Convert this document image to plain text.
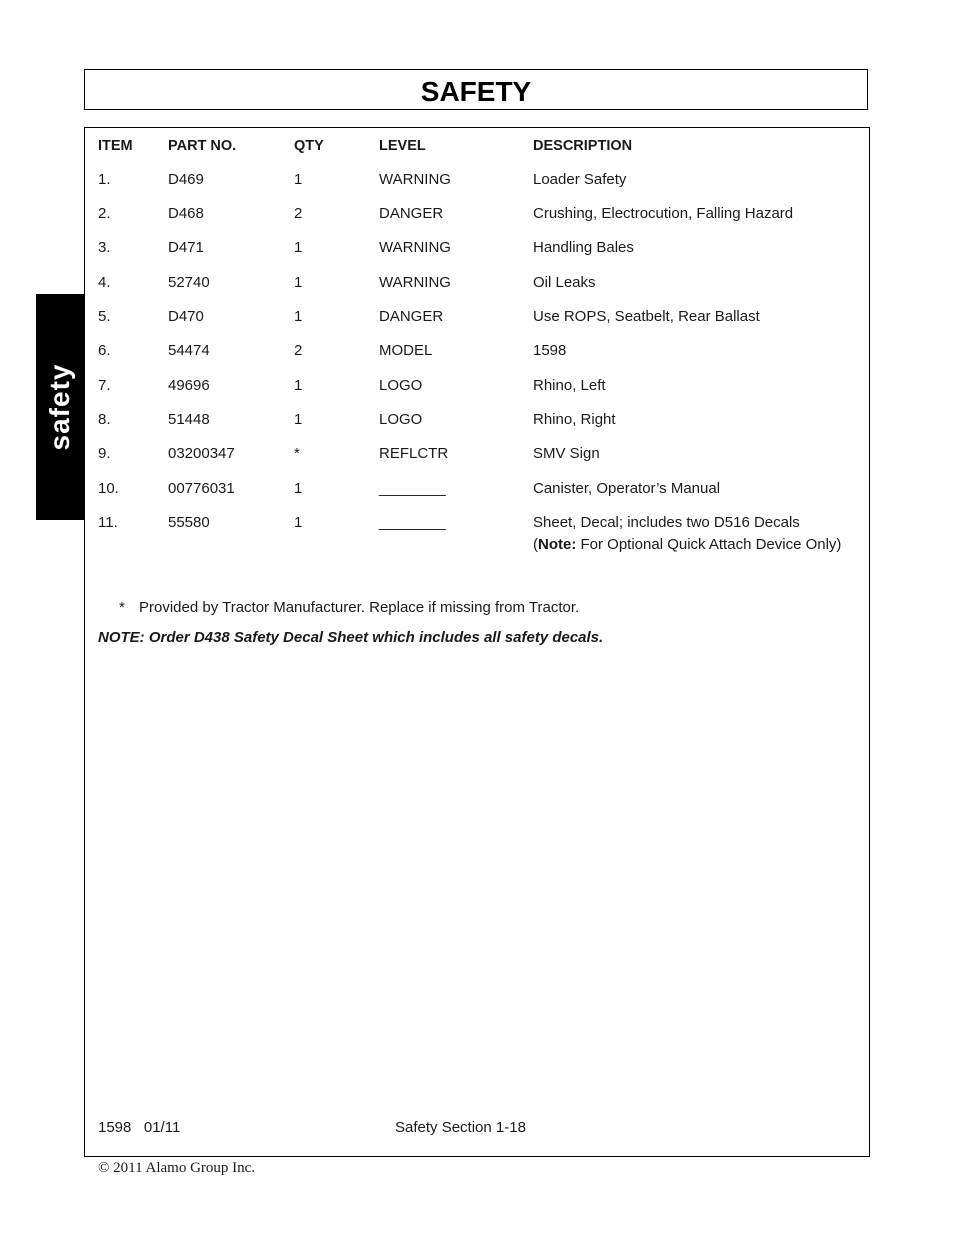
SAFETY
safety
ITEM PART NO.	QTY	LEVEL	DESCRIPTION
1.	D469	1	WARNING	Loader Safety
2.	D468	2	DANGER	Crushing, Electrocution, Falling Hazard
3.	D471	1	WARNING	Handling Bales
4.	52740	1	WARNING	Oil Leaks
5.	D470	1	DANGER	Use ROPS, Seatbelt, Rear Ballast
6.	54474	2	MODEL	1598
7.	49696	1	LOGO	Rhino, Left
8.	51448	1	LOGO	Rhino, Right
9.	03200347	*	REFLCTR	SMV Sign
10.	00776031	1	________	Canister, Operator’s Manual
11.	55580	1	________	Sheet, Decal; includes two D516 Decals
(Note: For Optional Quick Attach Device Only)
* Provided by Tractor Manufacturer. Replace if missing from Tractor.
NOTE: Order D438 Safety Decal Sheet which includes all safety decals.
1598   01/11	Safety Section 1-18
© 2011 Alamo Group Inc.
